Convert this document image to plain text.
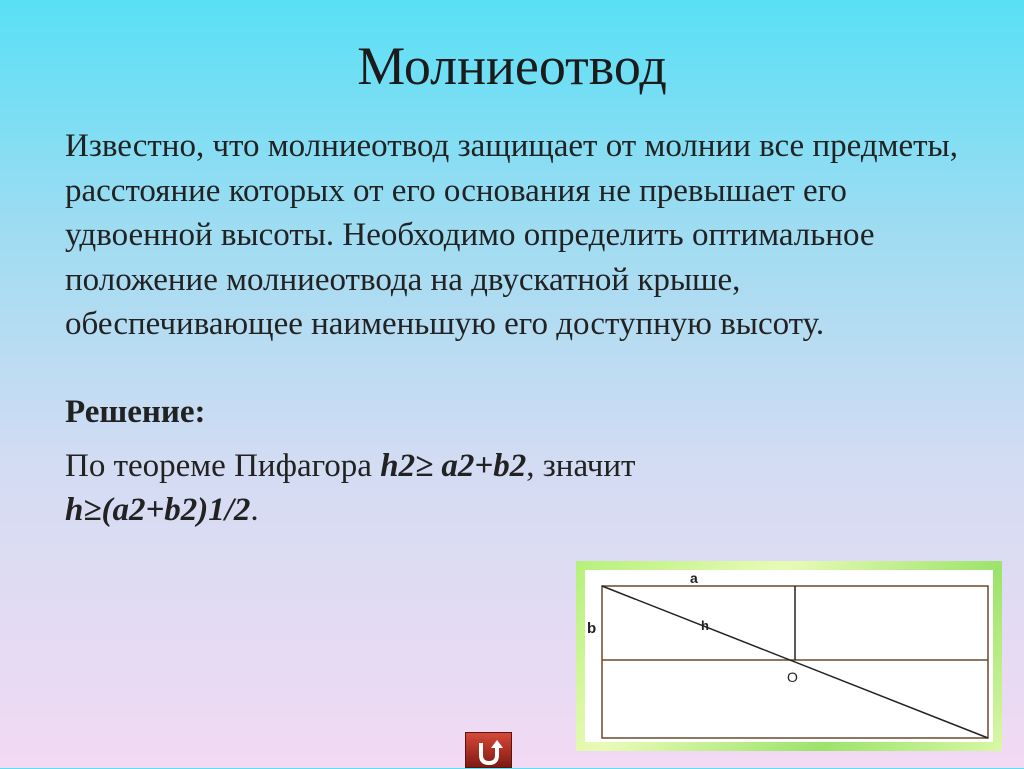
Молниеотвод

Известно, что молниеотвод защищает от молнии все предметы, расстояние которых от его основания не превышает его удвоенной высоты. Необходимо определить оптимальное положение молниеотвода на двускатной крыше, обеспечивающее наименьшую его доступную высоту.

Решение:

По теореме Пифагора h2≥ a2+b2, значит
h≥(a2+b2)1/2.

a
b	h
O
